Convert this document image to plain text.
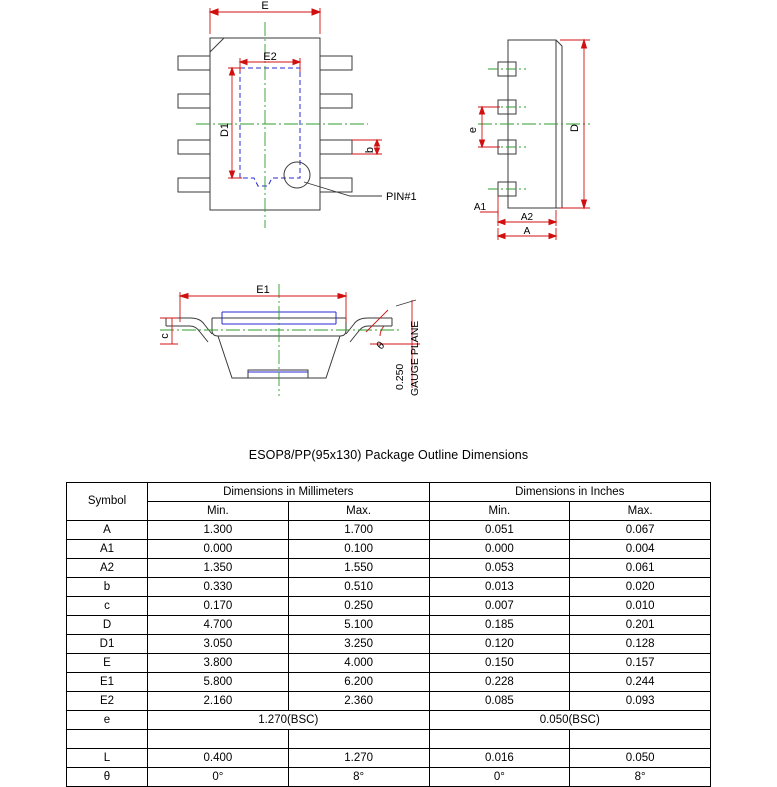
E
E2
D1
b
PIN#1
D
e
A1
A2
A
E1
c
θ
0.250 GAUGE PLANE
ESOP8/PP(95x130) Package Outline Dimensions
Symbol	Dimensions in Millimeters		Dimensions in Inches	
	Min.	Max.	Min.	Max.
A	1.300	1.700	0.051	0.067
A1	0.000	0.100	0.000	0.004
A2	1.350	1.550	0.053	0.061
b	0.330	0.510	0.013	0.020
c	0.170	0.250	0.007	0.010
D	4.700	5.100	0.185	0.201
D1	3.050	3.250	0.120	0.128
E	3.800	4.000	0.150	0.157
E1	5.800	6.200	0.228	0.244
E2	2.160	2.360	0.085	0.093
e	1.270(BSC)		0.050(BSC)	

L	0.400	1.270	0.016	0.050
θ	0°	8°	0°	8°
